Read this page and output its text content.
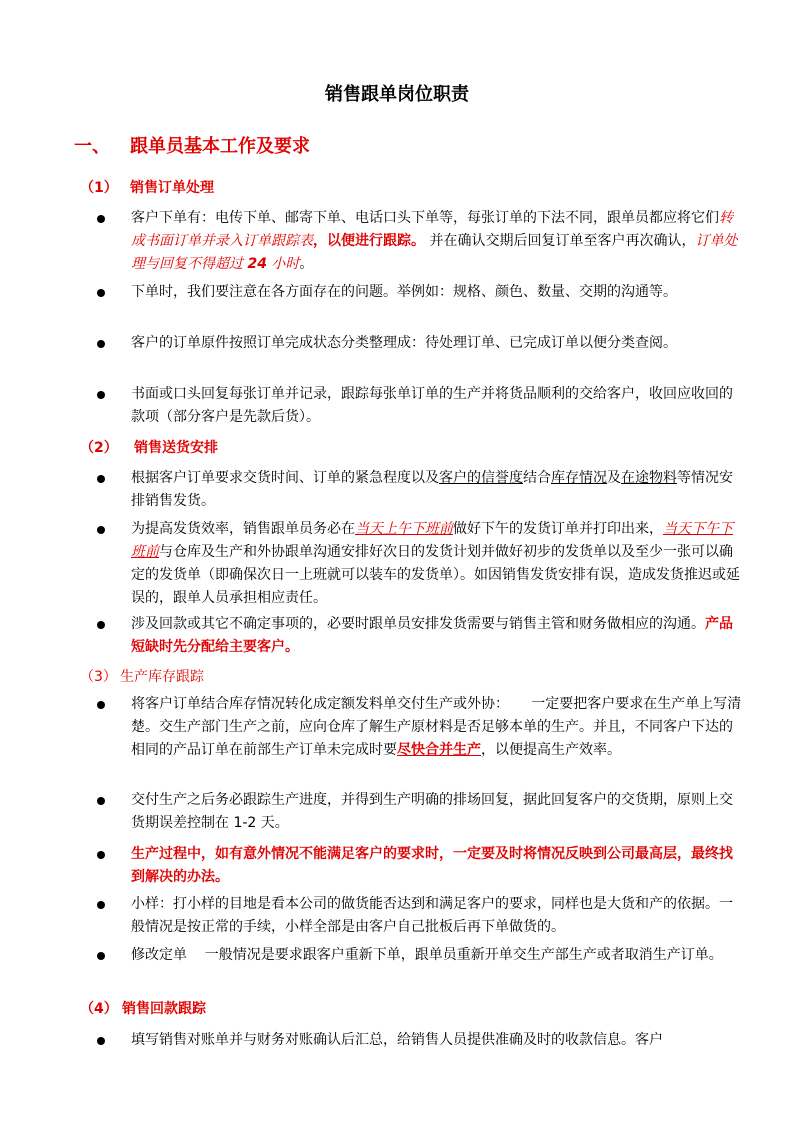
销售跟单岗位职责
一、 跟单员基本工作及要求
（1） 销售订单处理
客户下单有：电传下单、邮寄下单、电话口头下单等，每张订单的下法不同，跟单员都应将它们转成书面订单并录入订单跟踪表，以便进行跟踪。 并在确认交期后回复订单至客户再次确认，订单处理与回复不得超过 24 小时。
下单时，我们要注意在各方面存在的问题。举例如：规格、颜色、数量、交期的沟通等。
客户的订单原件按照订单完成状态分类整理成：待处理订单、已完成订单以便分类查阅。
书面或口头回复每张订单并记录，跟踪每张单订单的生产并将货品顺利的交给客户，收回应收回的款项（部分客户是先款后货）。
（2） 销售送货安排
根据客户订单要求交货时间、订单的紧急程度以及客户的信誉度结合库存情况及在途物料等情况安排销售发货。
为提高发货效率，销售跟单员务必在当天上午下班前做好下午的发货订单并打印出来，当天下午下班前与仓库及生产和外协跟单沟通安排好次日的发货计划并做好初步的发货单以及至少一张可以确定的发货单（即确保次日一上班就可以装车的发货单）。如因销售发货安排有误，造成发货推迟或延误的，跟单人员承担相应责任。
涉及回款或其它不确定事项的，必要时跟单员安排发货需要与销售主管和财务做相应的沟通。产品短缺时先分配给主要客户。
（3） 生产库存跟踪
将客户订单结合库存情况转化成定额发料单交付生产或外协：     一定要把客户要求在生产单上写清楚。交生产部门生产之前，应向仓库了解生产原材料是否足够本单的生产。并且，不同客户下达的相同的产品订单在前部生产订单未完成时要尽快合并生产，以便提高生产效率。
交付生产之后务必跟踪生产进度，并得到生产明确的排场回复，据此回复客户的交货期，原则上交货期误差控制在 1-2 天。
生产过程中，如有意外情况不能满足客户的要求时，一定要及时将情况反映到公司最高层，最终找到解决的办法。
小样：打小样的目地是看本公司的做货能否达到和满足客户的要求，同样也是大货和产的依据。一般情况是按正常的手续，小样全部是由客户自己批板后再下单做货的。
修改定单    一般情况是要求跟客户重新下单，跟单员重新开单交生产部生产或者取消生产订单。
（4） 销售回款跟踪
填写销售对账单并与财务对账确认后汇总，给销售人员提供准确及时的收款信息。客户
